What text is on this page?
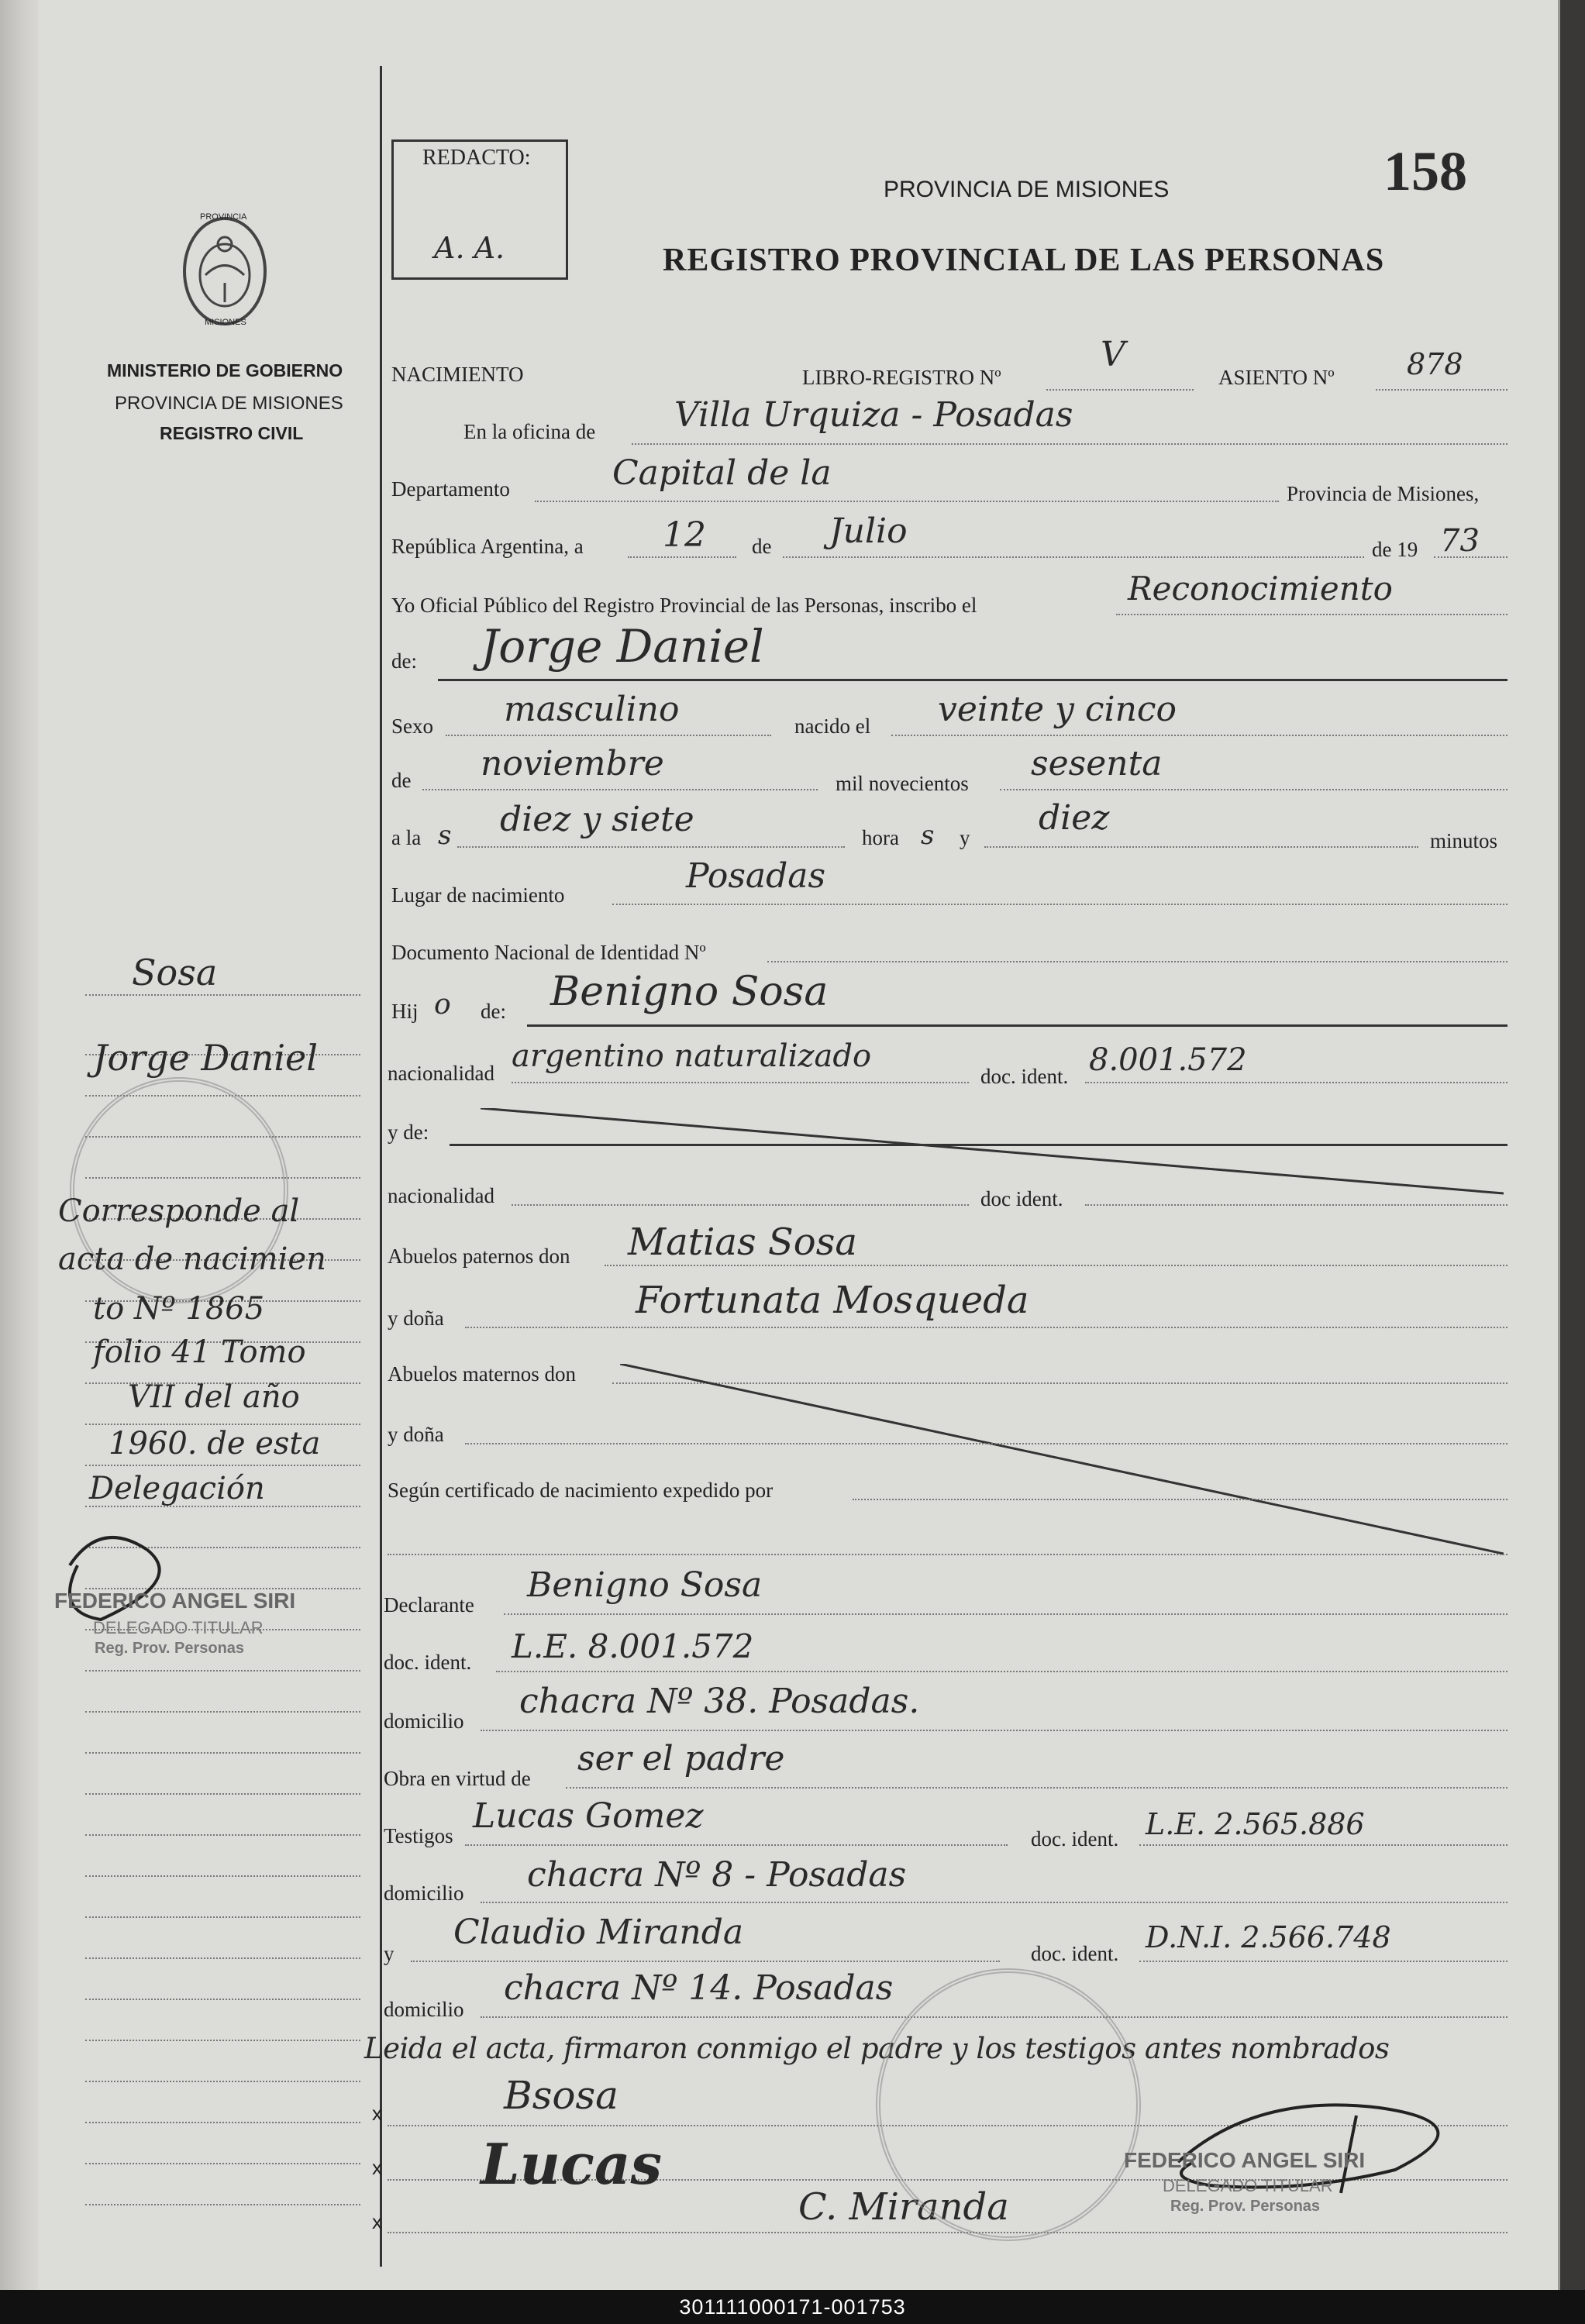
REDACTO:
A. A.
158
PROVINCIA DE MISIONES
REGISTRO PROVINCIAL DE LAS PERSONAS
PROVINCIA
MISIONES
MINISTERIO DE GOBIERNO
PROVINCIA DE MISIONES
REGISTRO CIVIL
Sosa
Jorge Daniel
Corresponde al
acta de nacimien
to Nº 1865
folio 41 Tomo
VII del año
1960. de esta
Delegación
FEDERICO ANGEL SIRI
DELEGADO TITULAR
Reg. Prov. Personas
NACIMIENTO	LIBRO-REGISTRO Nº
V
ASIENTO Nº 878
En la oficina de Villa Urquiza - Posadas
Departamento	Capital de la
Provincia de Misiones,
República Argentina, a 12 de Julio	de 19 73
Yo Oficial Público del Registro Provincial de las Personas, inscribo el	Reconocimiento
de: Jorge Daniel
Sexo masculino	nacido el veinte y cinco
de noviembre	mil novecientos sesenta
a la s diez y siete	hora s y diez
minutos
Lugar de nacimiento	Posadas
Documento Nacional de Identidad Nº
Hij o de: Benigno Sosa
nacionalidad argentino naturalizado
doc. ident. 8.001.572
y de:
nacionalidad	doc ident.
Abuelos paternos don Matias Sosa
y doña	Fortunata Mosqueda
Abuelos maternos don
y doña
Según certificado de nacimiento expedido por
Declarante Benigno Sosa
doc. ident. L.E. 8.001.572
domicilio chacra Nº 38. Posadas.
Obra en virtud de ser el padre
Testigos Lucas Gomez
doc. ident. L.E. 2.565.886
domicilio chacra Nº 8 - Posadas
y
Claudio Miranda
doc. ident. D.N.I. 2.566.748
domicilio
chacra Nº 14. Posadas
Leida el acta, firmaron conmigo el padre y los testigos antes nombrados
x
x
x
Bsosa
Lucas
C. Miranda
FEDERICO ANGEL SIRI
DELEGADO TITULAR
Reg. Prov. Personas
301111000171-001753
